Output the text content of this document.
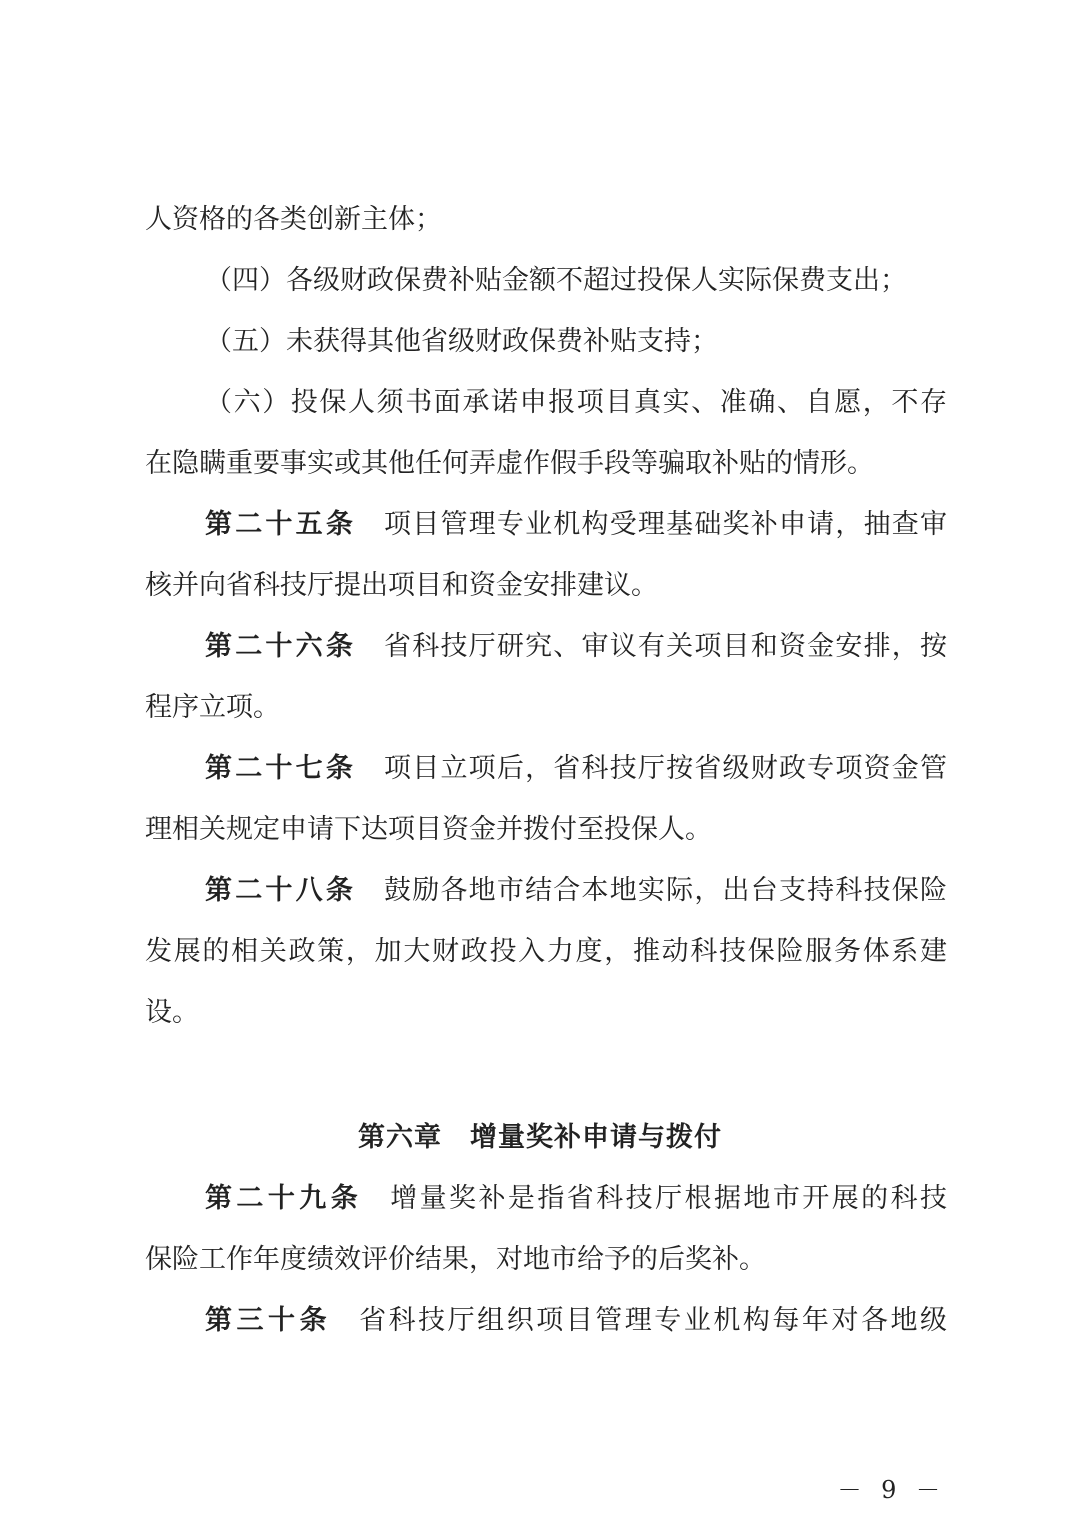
人资格的各类创新主体；
（四）各级财政保费补贴金额不超过投保人实际保费支出；
（五）未获得其他省级财政保费补贴支持；
（六）投保人须书面承诺申报项目真实、准确、自愿，不存
在隐瞒重要事实或其他任何弄虚作假手段等骗取补贴的情形。
第二十五条 项目管理专业机构受理基础奖补申请，抽查审
核并向省科技厅提出项目和资金安排建议。
第二十六条 省科技厅研究、审议有关项目和资金安排，按
程序立项。
第二十七条 项目立项后，省科技厅按省级财政专项资金管
理相关规定申请下达项目资金并拨付至投保人。
第二十八条 鼓励各地市结合本地实际，出台支持科技保险
发展的相关政策，加大财政投入力度，推动科技保险服务体系建
设。
第六章　增量奖补申请与拨付
第二十九条 增量奖补是指省科技厅根据地市开展的科技
保险工作年度绩效评价结果，对地市给予的后奖补。
第三十条 省科技厅组织项目管理专业机构每年对各地级
－ 9 －
